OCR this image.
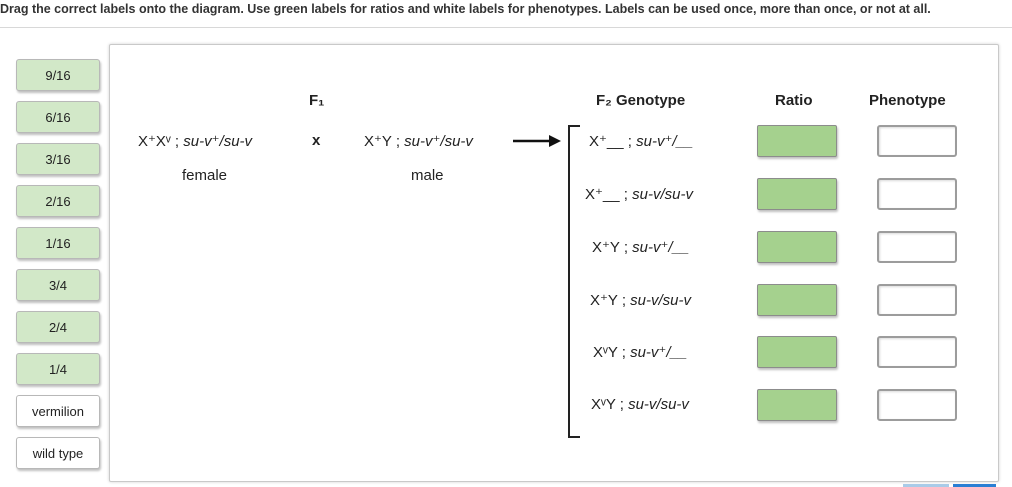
Drag the correct labels onto the diagram. Use green labels for ratios and white labels for phenotypes. Labels can be used once, more than once, or not at all.
9/16
6/16
3/16
2/16
1/16
3/4
2/4
1/4
vermilion
wild type
F₁
X⁺Xᵛ ; su-v⁺/su-v
female
x	X⁺Y ; su-v⁺/su-v
male
F₂ Genotype	Ratio	Phenotype
X⁺__ ; su-v⁺/__
X⁺__ ; su-v/su-v
X⁺Y ; su-v⁺/__
X⁺Y ; su-v/su-v
XᵛY ; su-v⁺/__
XᵛY ; su-v/su-v
